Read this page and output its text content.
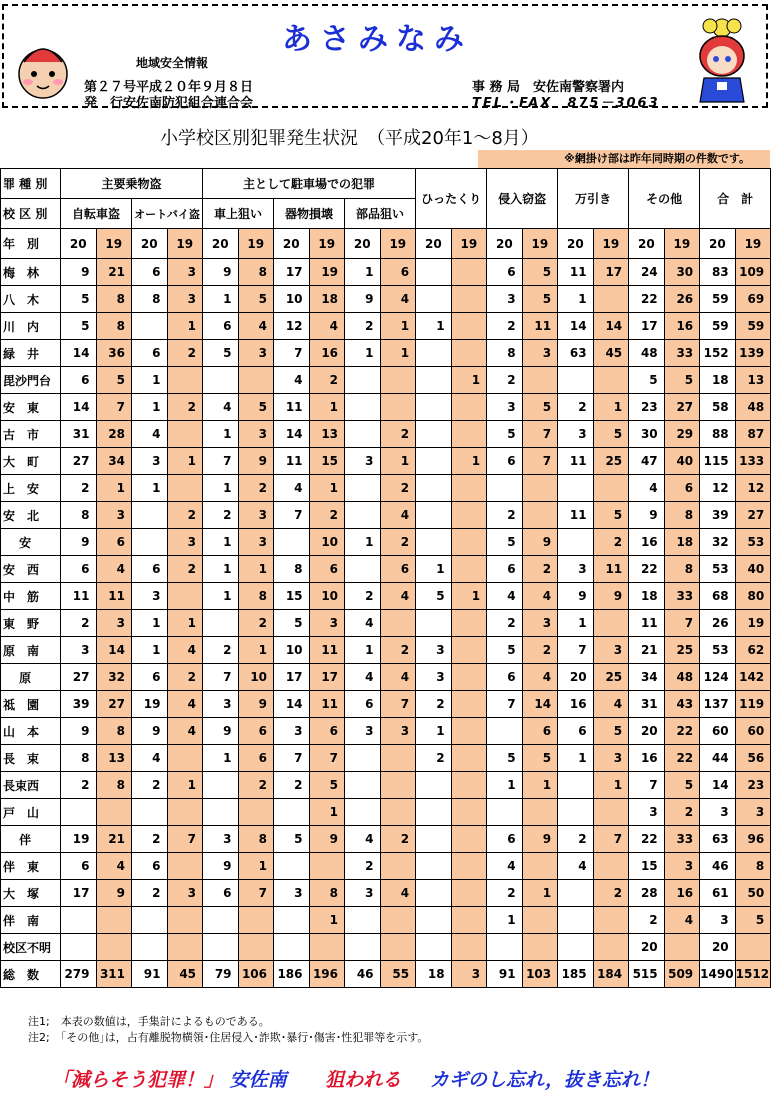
あさみなみ
地域安全情報
第２７号平成２０年９月８日
発　行安佐南防犯組合連合会
事 務 局　安佐南警察署内
TEL・FAX　875－3063
小学校区別犯罪発生状況　（平成20年1～8月）
※網掛け部は昨年同時期の件数です。
罪 種 別	主要乗物盗				主として駐車場での犯罪						ひったくり		侵入窃盗		万引き		その他		合　計	
校 区 別	自転車盗		オートバイ盗		車上狙い		器物損壊		部品狙い											
年　別	20	19	20	19	20	19	20	19	20	19	20	19	20	19	20	19	20	19	20	19
梅　林	9	21	6	3	9	8	17	19	1	6			6	5	11	17	24	30	83	109
八　木	5	8	8	3	1	5	10	18	9	4			3	5	1		22	26	59	69
川　内	5	8		1	6	4	12	4	2	1	1		2	11	14	14	17	16	59	59
緑　井	14	36	6	2	5	3	7	16	1	1			8	3	63	45	48	33	152	139
毘沙門台	6	5	1				4	2				1	2				5	5	18	13
安　東	14	7	1	2	4	5	11	1					3	5	2	1	23	27	58	48
古　市	31	28	4		1	3	14	13		2			5	7	3	5	30	29	88	87
大　町	27	34	3	1	7	9	11	15	3	1		1	6	7	11	25	47	40	115	133
上　安	2	1	1		1	2	4	1		2							4	6	12	12
安　北	8	3		2	2	3	7	2		4			2		11	5	9	8	39	27
　 安	9	6		3	1	3		10	1	2			5	9		2	16	18	32	53
安　西	6	4	6	2	1	1	8	6		6	1		6	2	3	11	22	8	53	40
中　筋	11	11	3		1	8	15	10	2	4	5	1	4	4	9	9	18	33	68	80
東　野	2	3	1	1		2	5	3	4				2	3	1		11	7	26	19
原　南	3	14	1	4	2	1	10	11	1	2	3		5	2	7	3	21	25	53	62
　 原	27	32	6	2	7	10	17	17	4	4	3		6	4	20	25	34	48	124	142
祗　園	39	27	19	4	3	9	14	11	6	7	2		7	14	16	4	31	43	137	119
山　本	9	8	9	4	9	6	3	6	3	3	1			6	6	5	20	22	60	60
長　束	8	13	4		1	6	7	7			2		5	5	1	3	16	22	44	56
長束西	2	8	2	1		2	2	5					1	1		1	7	5	14	23
戸　山								1									3	2	3	3
　 伴	19	21	2	7	3	8	5	9	4	2			6	9	2	7	22	33	63	96
伴　東	6	4	6		9	1			2				4		4		15	3	46	8
大　塚	17	9	2	3	6	7	3	8	3	4			2	1		2	28	16	61	50
伴　南								1					1				2	4	3	5
校区不明																	20		20	
総　数	279	311	91	45	79	106	186	196	46	55	18	3	91	103	185	184	515	509	1490	1512
注1;　本表の数値は，手集計によるものである。
注2;　｢その他｣は，占有離脱物横領･住居侵入･詐欺･暴行･傷害･性犯罪等を示す。
「減らそう犯罪！」 安佐南 狙われる カギのし忘れ，抜き忘れ！
